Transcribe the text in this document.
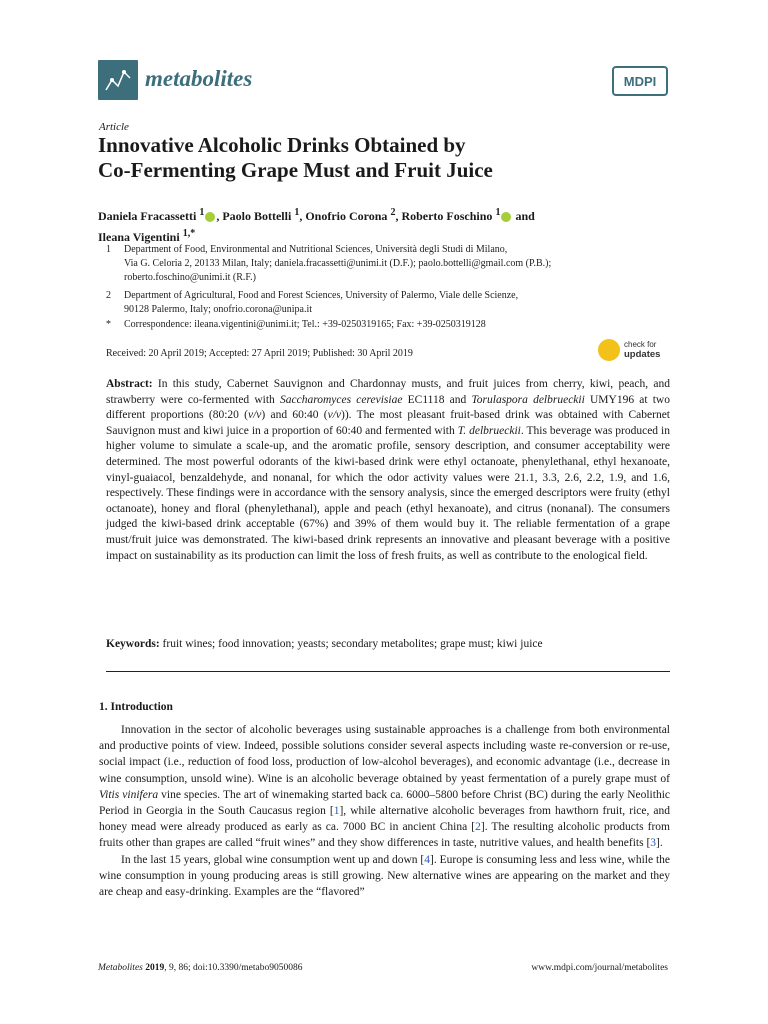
metabolites	MDPI
Article
Innovative Alcoholic Drinks Obtained by
Co-Fermenting Grape Must and Fruit Juice
Daniela Fracassetti $^1$ , Paolo Bottelli $^1$, Onofrio Corona $^2$, Roberto Foschino $^1$ and
Ileana Vigentini $^{1,*}$
1 Department of Food, Environmental and Nutritional Sciences, Università degli Studi di Milano,
Via G. Celoria 2, 20133 Milan, Italy; daniela.fracassetti@unimi.it (D.F.); paolo.bottelli@gmail.com (P.B.);
roberto.foschino@unimi.it (R.F.)
2 Department of Agricultural, Food and Forest Sciences, University of Palermo, Viale delle Scienze,
90128 Palermo, Italy; onofrio.corona@unipa.it
* Correspondence: ileana.vigentini@unimi.it; Tel.: +39-0250319165; Fax: +39-0250319128
Received: 20 April 2019; Accepted: 27 April 2019; Published: 30 April 2019
check for
updates
Abstract: In this study, Cabernet Sauvignon and Chardonnay musts, and fruit juices from cherry, kiwi, peach, and strawberry were co-fermented with Saccharomyces cerevisiae EC1118 and Torulaspora delbrueckii UMY196 at two different proportions (80:20 (v/v) and 60:40 (v/v)). The most pleasant fruit-based drink was obtained with Cabernet Sauvignon must and kiwi juice in a proportion of 60:40 and fermented with T. delbrueckii. This beverage was produced in higher volume to simulate a scale-up, and the aromatic profile, sensory description, and consumer acceptability were determined. The most powerful odorants of the kiwi-based drink were ethyl octanoate, phenylethanal, ethyl hexanoate, vinyl-guaiacol, benzaldehyde, and nonanal, for which the odor activity values were 21.1, 3.3, 2.6, 2.2, 1.9, and 1.6, respectively. These findings were in accordance with the sensory analysis, since the emerged descriptors were fruity (ethyl octanoate), honey and floral (phenylethanal), apple and peach (ethyl hexanoate), and citrus (nonanal). The consumers judged the kiwi-based drink acceptable (67%) and 39% of them would buy it. The reliable fermentation of a grape must/fruit juice was demonstrated. The kiwi-based drink represents an innovative and pleasant beverage with a positive impact on sustainability as its production can limit the loss of fresh fruits, as well as contribute to the enological field.
Keywords: fruit wines; food innovation; yeasts; secondary metabolites; grape must; kiwi juice
1. Introduction

Innovation in the sector of alcoholic beverages using sustainable approaches is a challenge from both environmental and productive points of view. Indeed, possible solutions consider several aspects including waste re-conversion or re-use, social impact (i.e., reduction of food loss, production of low-alcohol beverages), and economic advantage (i.e., decrease in wine consumption, unsold wine). Wine is an alcoholic beverage obtained by yeast fermentation of a purely grape must of Vitis vinifera vine species. The art of winemaking started back ca. 6000–5800 before Christ (BC) during the early Neolithic Period in Georgia in the South Caucasus region [1], while alternative alcoholic beverages from hawthorn fruit, rice, and honey mead were already produced as early as ca. 7000 BC in ancient China [2]. The resulting alcoholic products from fruits other than grapes are called “fruit wines” and they show differences in taste, nutritive values, and health benefits [3].

In the last 15 years, global wine consumption went up and down [4]. Europe is consuming less and less wine, while the wine consumption in young producing areas is still growing. New alternative wines are appearing on the market and they are cheap and easy-drinking. Examples are the “flavored”

Metabolites 2019, 9, 86; doi:10.3390/metabo9050086	www.mdpi.com/journal/metabolites
